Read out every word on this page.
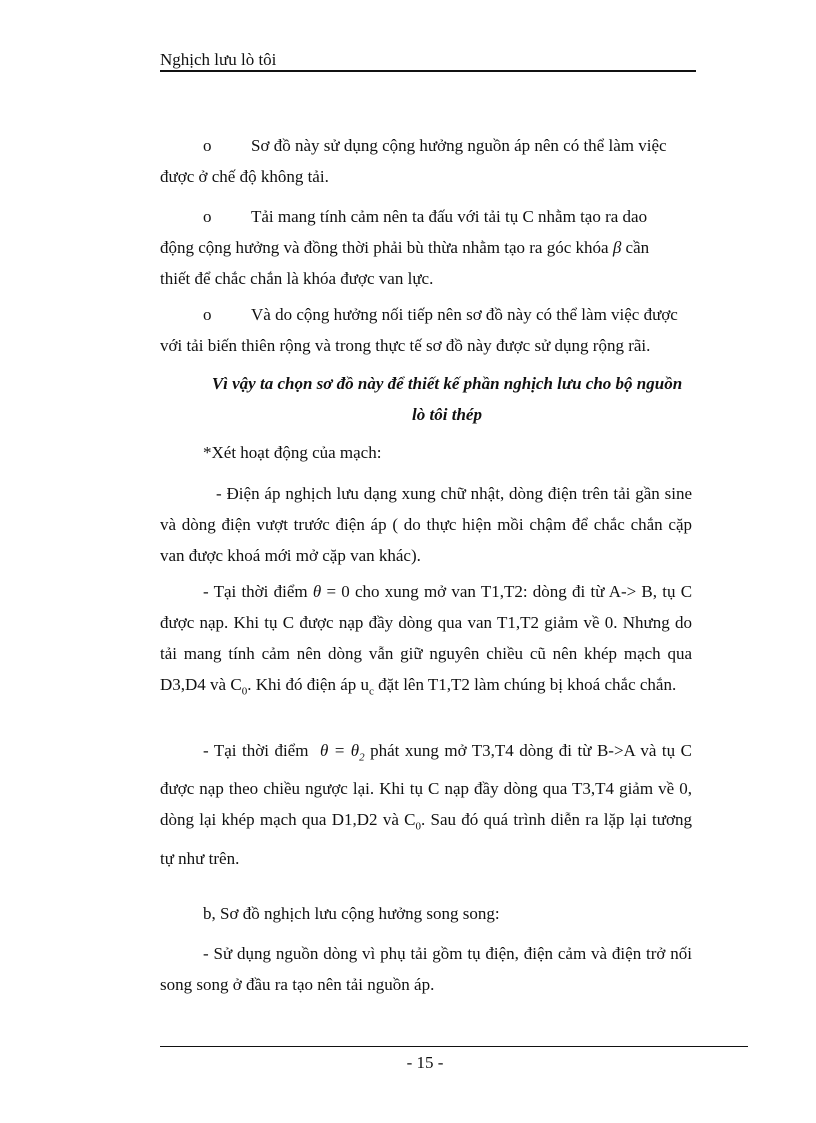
Nghịch lưu lò tôi
o Sơ đồ này sử dụng cộng hưởng nguồn áp nên có thể làm việc
được ở chế độ không tải.
o Tải mang tính cảm nên ta đấu với tải tụ C nhằm tạo ra dao
động cộng hưởng và đồng thời phải bù thừa nhằm tạo ra góc khóa β cần
thiết để chắc chắn là khóa được van lực.
o Và do cộng hưởng nối tiếp nên sơ đồ này có thể làm việc được
với tải biến thiên rộng và trong thực tế sơ đồ này được sử dụng rộng rãi.
Vì vậy ta chọn sơ đồ này để thiết kế phần nghịch lưu cho bộ nguồn
lò tôi thép
*Xét hoạt động của mạch:
- Điện áp nghịch lưu dạng xung chữ nhật, dòng điện trên tải gần sine và dòng điện vượt trước điện áp ( do thực hiện mồi chậm để chắc chắn cặp van được khoá mới mở cặp van khác).
- Tại thời điểm θ = 0 cho xung mở van T1,T2: dòng đi từ A-> B, tụ C được nạp. Khi tụ C được nạp đầy dòng qua van T1,T2 giảm về 0. Nhưng do tải mang tính cảm nên dòng vẫn giữ nguyên chiều cũ nên khép mạch qua D3,D4 và $C_0$. Khi đó điện áp $u_c$ đặt lên T1,T2 làm chúng bị khoá chắc chắn.
- Tại thời điểm $\theta = \theta_2$ phát xung mở T3,T4 dòng đi từ B->A và tụ C được nạp theo chiều ngược lại. Khi tụ C nạp đầy dòng qua T3,T4 giảm về 0, dòng lại khép mạch qua D1,D2 và $C_0$. Sau đó quá trình diễn ra lặp lại tương tự như trên.
b, Sơ đồ nghịch lưu cộng hưởng song song:
- Sử dụng nguồn dòng vì phụ tải gồm tụ điện, điện cảm và điện trở nối song song ở đầu ra tạo nên tải nguồn áp.
- 15 -
